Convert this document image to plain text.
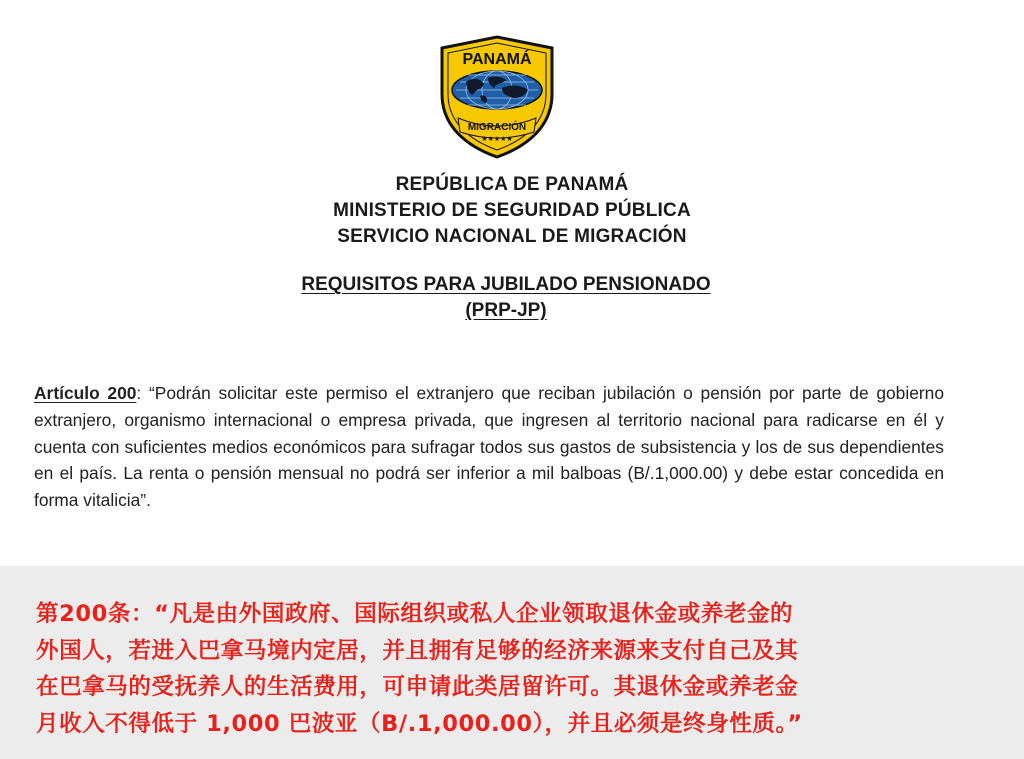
PANAMÁ
MIGRACIÓN
★★★★★
REPÚBLICA DE PANAMÁ
MINISTERIO DE SEGURIDAD PÚBLICA
SERVICIO NACIONAL DE MIGRACIÓN
REQUISITOS PARA JUBILADO PENSIONADO
(PRP-JP)
Artículo 200: “Podrán solicitar este permiso el extranjero que reciban jubilación o pensión por parte de gobierno extranjero, organismo internacional o empresa privada, que ingresen al territorio nacional para radicarse en él y cuenta con suficientes medios económicos para sufragar todos sus gastos de subsistencia y los de sus dependientes en el país. La renta o pensión mensual no podrá ser inferior a mil balboas (B/.1,000.00) y debe estar concedida en forma vitalicia”.
第200条：“凡是由外国政府、国际组织或私人企业领取退休金或养老金的
外国人，若进入巴拿马境内定居，并且拥有足够的经济来源来支付自己及其
在巴拿马的受抚养人的生活费用，可申请此类居留许可。其退休金或养老金
月收入不得低于 1,000 巴波亚（B/.1,000.00），并且必须是终身性质。”
